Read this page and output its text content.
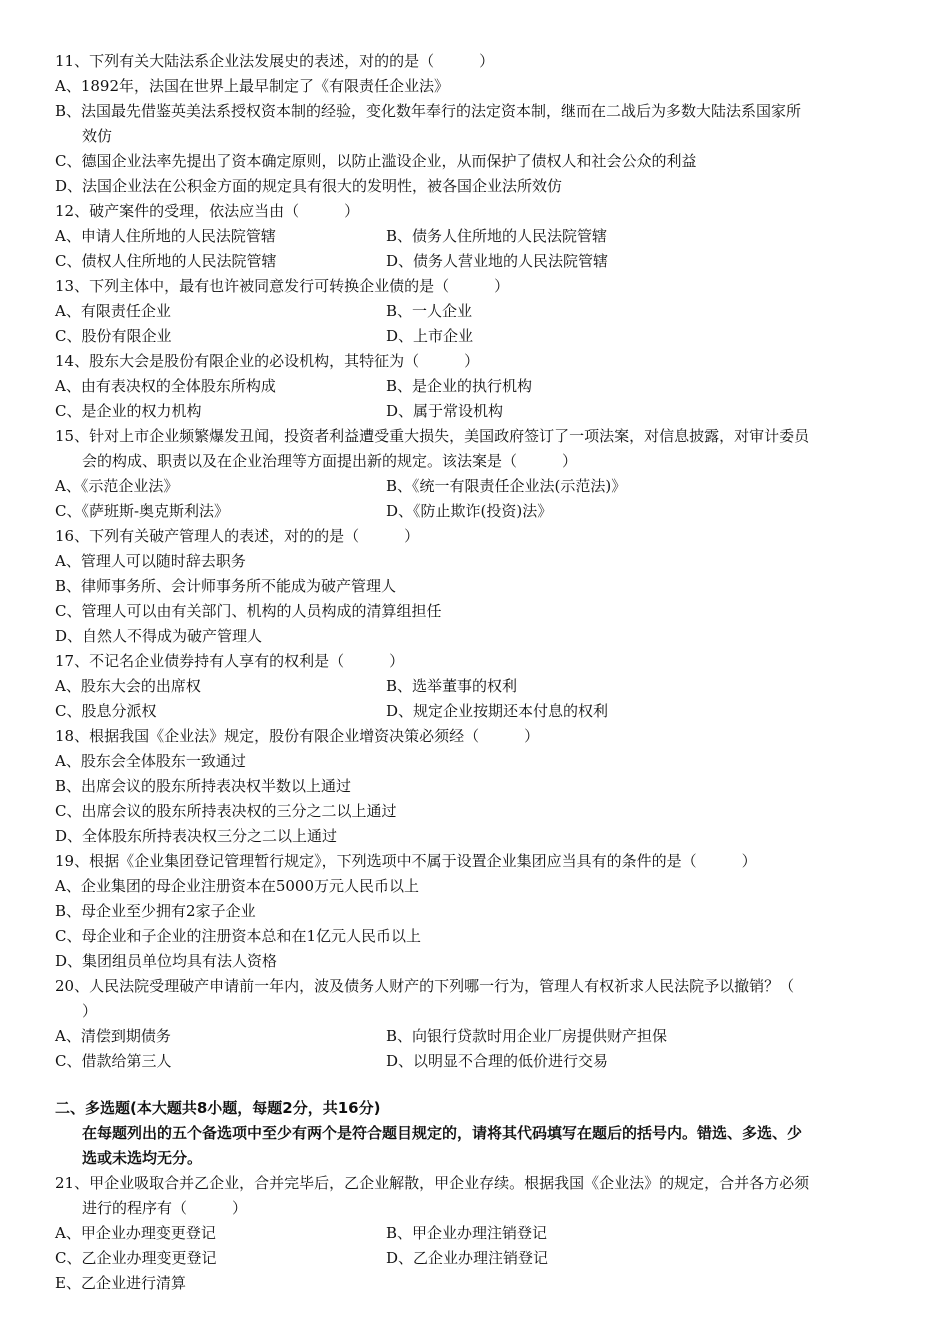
11、下列有关大陆法系企业法发展史的表述，对的的是（　　　）
A、1892年，法国在世界上最早制定了《有限责任企业法》
B、法国最先借鉴英美法系授权资本制的经验，变化数年奉行的法定资本制，继而在二战后为多数大陆法系国家所
效仿
C、德国企业法率先提出了资本确定原则，以防止滥设企业，从而保护了债权人和社会公众的利益
D、法国企业法在公积金方面的规定具有很大的发明性，被各国企业法所效仿
12、破产案件的受理，依法应当由（　　　）
A、申请人住所地的人民法院管辖	B、债务人住所地的人民法院管辖
C、债权人住所地的人民法院管辖	D、债务人营业地的人民法院管辖
13、下列主体中，最有也许被同意发行可转换企业债的是（　　　）
A、有限责任企业	B、一人企业
C、股份有限企业	D、上市企业
14、股东大会是股份有限企业的必设机构，其特征为（　　　）
A、由有表决权的全体股东所构成	B、是企业的执行机构
C、是企业的权力机构	D、属于常设机构
15、针对上市企业频繁爆发丑闻，投资者利益遭受重大损失，美国政府签订了一项法案，对信息披露，对审计委员
会的构成、职责以及在企业治理等方面提出新的规定。该法案是（　　　）
A、《示范企业法》	B、《统一有限责任企业法(示范法)》
C、《萨班斯-奥克斯利法》	D、《防止欺诈(投资)法》
16、下列有关破产管理人的表述，对的的是（　　　）
A、管理人可以随时辞去职务
B、律师事务所、会计师事务所不能成为破产管理人
C、管理人可以由有关部门、机构的人员构成的清算组担任
D、自然人不得成为破产管理人
17、不记名企业债券持有人享有的权利是（　　　）
A、股东大会的出席权	B、选举董事的权利
C、股息分派权	D、规定企业按期还本付息的权利
18、根据我国《企业法》规定，股份有限企业增资决策必须经（　　　）
A、股东会全体股东一致通过
B、出席会议的股东所持表决权半数以上通过
C、出席会议的股东所持表决权的三分之二以上通过
D、全体股东所持表决权三分之二以上通过
19、根据《企业集团登记管理暂行规定》，下列选项中不属于设置企业集团应当具有的条件的是（　　　）
A、企业集团的母企业注册资本在5000万元人民币以上
B、母企业至少拥有2家子企业
C、母企业和子企业的注册资本总和在1亿元人民币以上
D、集团组员单位均具有法人资格
20、人民法院受理破产申请前一年内，波及债务人财产的下列哪一行为，管理人有权祈求人民法院予以撤销？（
）
A、清偿到期债务	B、向银行贷款时用企业厂房提供财产担保
C、借款给第三人	D、以明显不合理的低价进行交易
二、多选题(本大题共8小题，每题2分，共16分)
在每题列出的五个备选项中至少有两个是符合题目规定的，请将其代码填写在题后的括号内。错选、多选、少
选或未选均无分。
21、甲企业吸取合并乙企业，合并完毕后，乙企业解散，甲企业存续。根据我国《企业法》的规定，合并各方必须
进行的程序有（　　　）
A、甲企业办理变更登记	B、甲企业办理注销登记
C、乙企业办理变更登记	D、乙企业办理注销登记
E、乙企业进行清算
